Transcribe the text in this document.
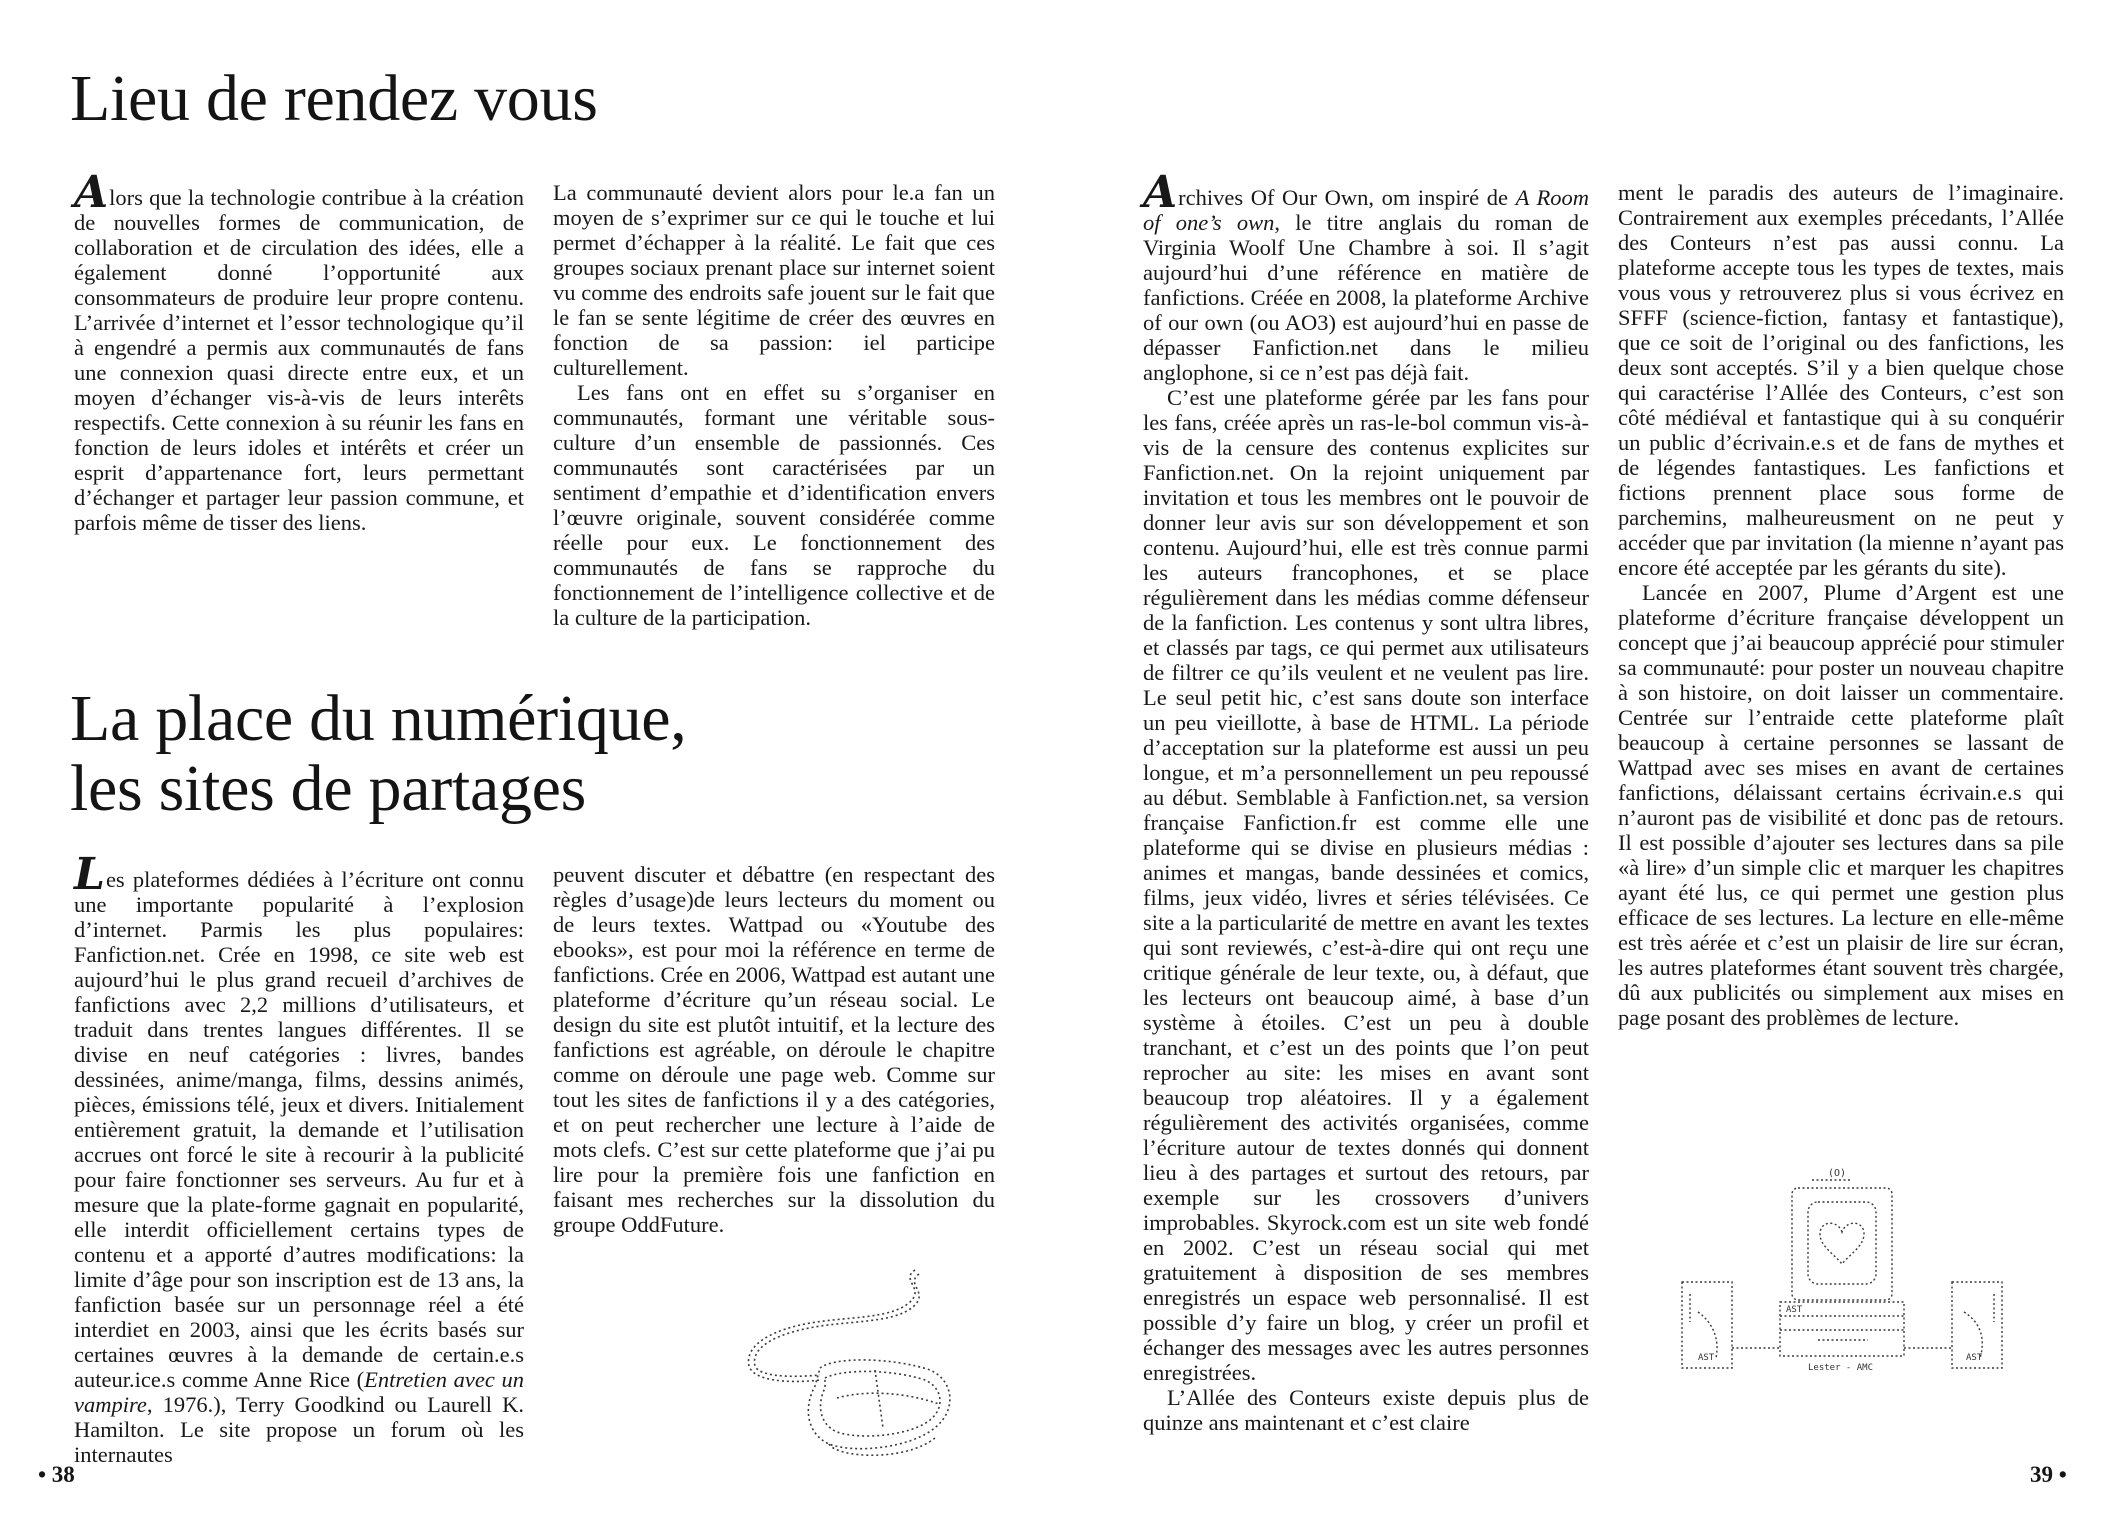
Lieu de rendez vous

Alors que la technologie contribue à la création de nouvelles formes de communication, de collaboration et de circulation des idées, elle a également donné l’opportunité aux consommateurs de produire leur propre contenu. L’arrivée d’internet et l’essor technologique qu’il à engendré a permis aux communautés de fans une connexion quasi directe entre eux, et un moyen d’échanger vis-à-vis de leurs interêts respectifs. Cette connexion à su réunir les fans en fonction de leurs idoles et intérêts et créer un esprit d’appartenance fort, leurs permettant d’échanger et partager leur passion commune, et parfois même de tisser des liens.

La communauté devient alors pour le.a fan un moyen de s’exprimer sur ce qui le touche et lui permet d’échapper à la réalité. Le fait que ces groupes sociaux prenant place sur internet soient vu comme des endroits safe jouent sur le fait que le fan se sente légitime de créer des œuvres en fonction de sa passion: iel participe culturellement.

Les fans ont en effet su s’organiser en communautés, formant une véritable sous-culture d’un ensemble de passionnés. Ces communautés sont caractérisées par un sentiment d’empathie et d’identification envers l’œuvre originale, souvent considérée comme réelle pour eux. Le fonctionnement des communautés de fans se rapproche du fonctionnement de l’intelligence collective et de la culture de la participation.

La place du numérique,
les sites de partages

Les plateformes dédiées à l’écriture ont connu une importante popularité à l’explosion d’internet. Parmis les plus populaires: Fanfiction.net. Crée en 1998, ce site web est aujourd’hui le plus grand recueil d’archives de fanfictions avec 2,2 millions d’utilisateurs, et traduit dans trentes langues différentes. Il se divise en neuf catégories : livres, bandes dessinées, anime/manga, films, dessins animés, pièces, émissions télé, jeux et divers. Initialement entièrement gratuit, la demande et l’utilisation accrues ont forcé le site à recourir à la publicité pour faire fonctionner ses serveurs. Au fur et à mesure que la plate-forme gagnait en popularité, elle interdit officiellement certains types de contenu et a apporté d’autres modifications: la limite d’âge pour son inscription est de 13 ans, la fanfiction basée sur un personnage réel a été interdiet en 2003, ainsi que les écrits basés sur certaines œuvres à la demande de certain.e.s auteur.ice.s comme Anne Rice (Entretien avec un vampire, 1976.), Terry Goodkind ou Laurell K. Hamilton. Le site propose un forum où les internautes

peuvent discuter et débattre (en respectant des règles d’usage)de leurs lecteurs du moment ou de leurs textes. Wattpad ou «Youtube des ebooks», est pour moi la référence en terme de fanfictions. Crée en 2006, Wattpad est autant une plateforme d’écriture qu’un réseau social. Le design du site est plutôt intuitif, et la lecture des fanfictions est agréable, on déroule le chapitre comme on déroule une page web. Comme sur tout les sites de fanfictions il y a des catégories, et on peut rechercher une lecture à l’aide de mots clefs. C’est sur cette plateforme que j’ai pu lire pour la première fois une fanfiction en faisant mes recherches sur la dissolution du groupe OddFuture.

• 38

Archives Of Our Own, om inspiré de A Room of one’s own, le titre anglais du roman de Virginia Woolf Une Chambre à soi. Il s’agit aujourd’hui d’une référence en matière de fanfictions. Créée en 2008, la plateforme Archive of our own (ou AO3) est aujourd’hui en passe de dépasser Fanfiction.net dans le milieu anglophone, si ce n’est pas déjà fait.

C’est une plateforme gérée par les fans pour les fans, créée après un ras-le-bol commun vis-à-vis de la censure des contenus explicites sur Fanfiction.net. On la rejoint uniquement par invitation et tous les membres ont le pouvoir de donner leur avis sur son développement et son contenu. Aujourd’hui, elle est très connue parmi les auteurs francophones, et se place régulièrement dans les médias comme défenseur de la fanfiction. Les contenus y sont ultra libres, et classés par tags, ce qui permet aux utilisateurs de filtrer ce qu’ils veulent et ne veulent pas lire. Le seul petit hic, c’est sans doute son interface un peu vieillotte, à base de HTML. La période d’acceptation sur la plateforme est aussi un peu longue, et m’a personnellement un peu repoussé au début. Semblable à Fanfiction.net, sa version française Fanfiction.fr est comme elle une plateforme qui se divise en plusieurs médias : animes et mangas, bande dessinées et comics, films, jeux vidéo, livres et séries télévisées. Ce site a la particularité de mettre en avant les textes qui sont reviewés, c’est-à-dire qui ont reçu une critique générale de leur texte, ou, à défaut, que les lecteurs ont beaucoup aimé, à base d’un système à étoiles. C’est un peu à double tranchant, et c’est un des points que l’on peut reprocher au site: les mises en avant sont beaucoup trop aléatoires. Il y a également régulièrement des activités organisées, comme l’écriture autour de textes donnés qui donnent lieu à des partages et surtout des retours, par exemple sur les crossovers d’univers improbables. Skyrock.com est un site web fondé en 2002. C’est un réseau social qui met gratuitement à disposition de ses membres enregistrés un espace web personnalisé. Il est possible d’y faire un blog, y créer un profil et échanger des messages avec les autres personnes enregistrées.

L’Allée des Conteurs existe depuis plus de quinze ans maintenant et c’est claire

ment le paradis des auteurs de l’imaginaire. Contrairement aux exemples précedants, l’Allée des Conteurs n’est pas aussi connu. La plateforme accepte tous les types de textes, mais vous vous y retrouverez plus si vous écrivez en SFFF (science-fiction, fantasy et fantastique), que ce soit de l’original ou des fanfictions, les deux sont acceptés. S’il y a bien quelque chose qui caractérise l’Allée des Conteurs, c’est son côté médiéval et fantastique qui à su conquérir un public d’écrivain.e.s et de fans de mythes et de légendes fantastiques. Les fanfictions et fictions prennent place sous forme de parchemins, malheureusment on ne peut y accéder que par invitation (la mienne n’ayant pas encore été acceptée par les gérants du site).

Lancée en 2007, Plume d’Argent est une plateforme d’écriture française développent un concept que j’ai beaucoup apprécié pour stimuler sa communauté: pour poster un nouveau chapitre à son histoire, on doit laisser un commentaire. Centrée sur l’entraide cette plateforme plaît beaucoup à certaine personnes se lassant de Wattpad avec ses mises en avant de certaines fanfictions, délaissant certains écrivain.e.s qui n’auront pas de visibilité et donc pas de retours. Il est possible d’ajouter ses lectures dans sa pile «à lire» d’un simple clic et marquer les chapitres ayant été lus, ce qui permet une gestion plus efficace de ses lectures. La lecture en elle-même est très aérée et c’est un plaisir de lire sur écran, les autres plateformes étant souvent très chargée, dû aux publicités ou simplement aux mises en page posant des problèmes de lecture.

(O)
AST
AST
AST
Lester - AMC
39 •
